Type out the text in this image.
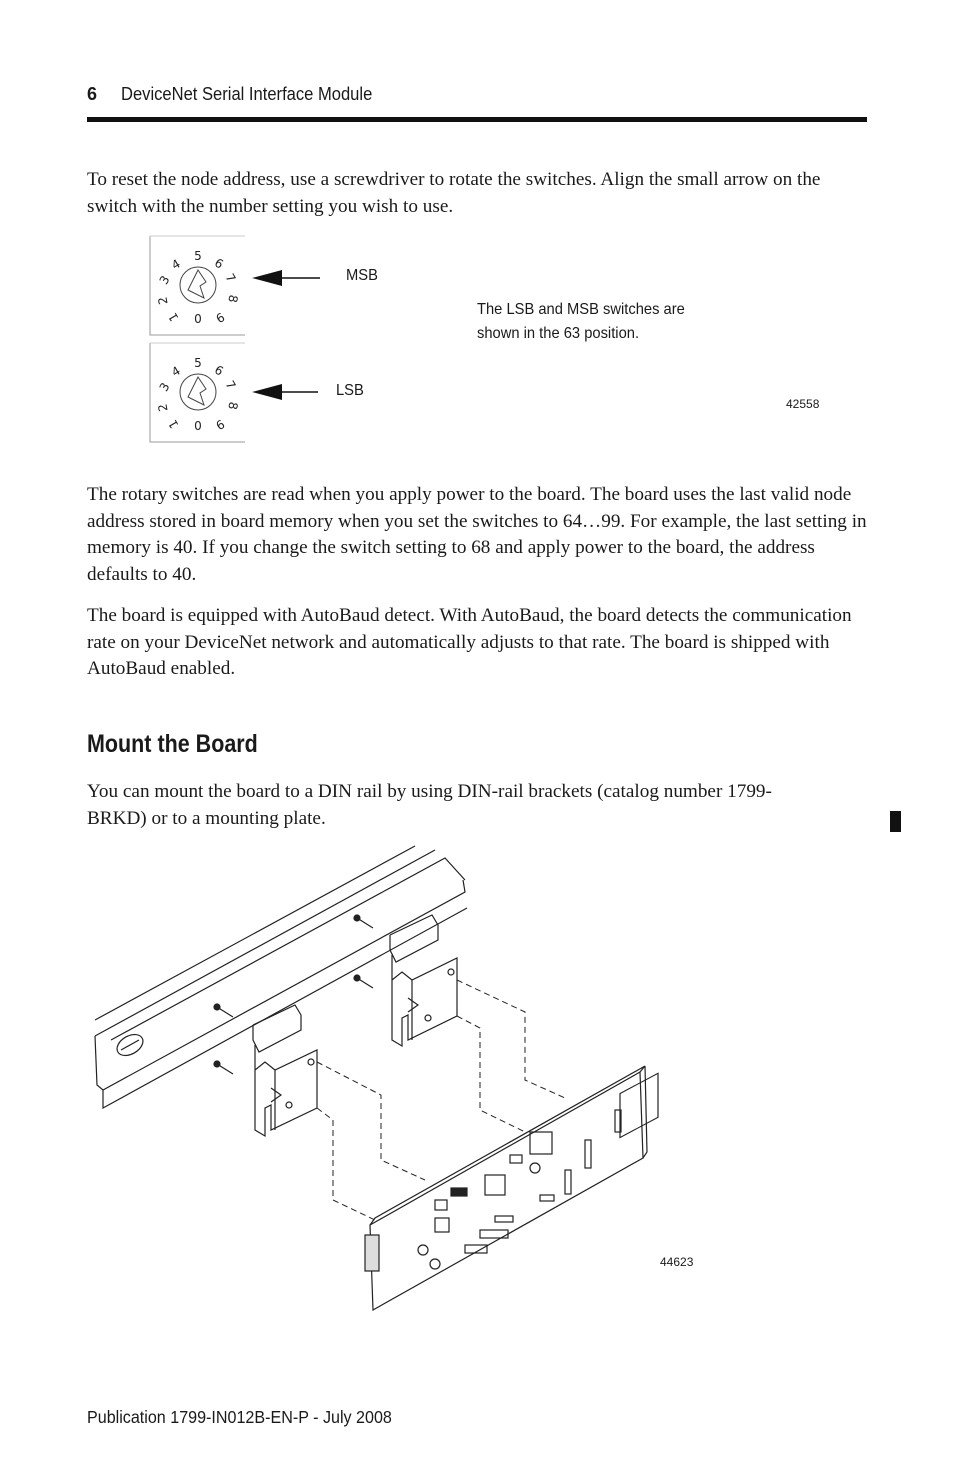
6 DeviceNet Serial Interface Module

To reset the node address, use a screwdriver to rotate the switches. Align the small arrow on the switch with the number setting you wish to use.

0
1
2
3
4
5 6
7
8
9
0
1
2
3
4
5 6
7
8
9
MSB
LSB
The LSB and MSB switches are
shown in the 63 position.
42558

The rotary switches are read when you apply power to the board. The board uses the last valid node address stored in board memory when you set the switches to 64…99. For example, the last setting in memory is 40. If you change the switch setting to 68 and apply power to the board, the address defaults to 40.

The board is equipped with AutoBaud detect. With AutoBaud, the board detects the communication rate on your DeviceNet network and automatically adjusts to that rate. The board is shipped with AutoBaud enabled.

Mount the Board

You can mount the board to a DIN rail by using DIN-rail brackets (catalog number 1799-BRKD) or to a mounting plate.

44623
Publication 1799-IN012B-EN-P - July 2008
